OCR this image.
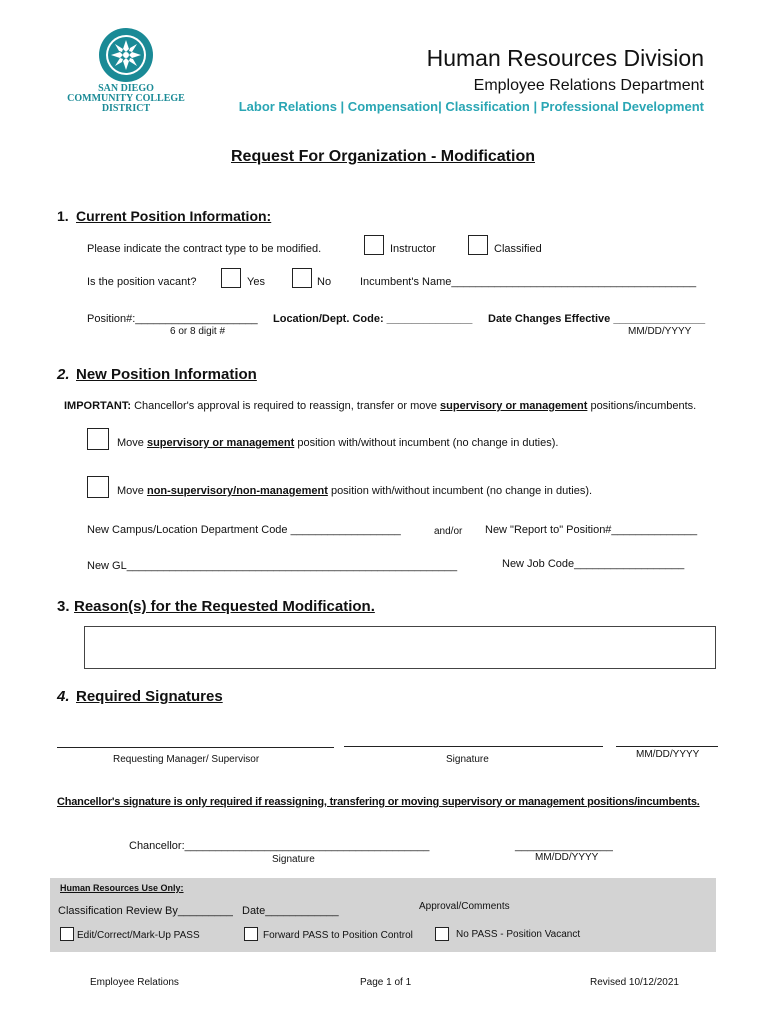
SAN DIEGO
COMMUNITY COLLEGE
DISTRICT
Human Resources Division
Employee Relations Department
Labor Relations | Compensation| Classification | Professional Development
Request For Organization - Modification
1. Current Position Information:
Please indicate the contract type to be modified.	Instructor	Classified
Is the position vacant?	Yes	No	Incumbent's Name________________________________________
Position#:____________________
6 or 8 digit #
Location/Dept. Code: ______________ Date Changes Effective _______________
MM/DD/YYYY
2. New Position Information
IMPORTANT: Chancellor's approval is required to reassign, transfer or move supervisory or management positions/incumbents.
Move supervisory or management position with/without incumbent (no change in duties).
Move non-supervisory/non-management position with/without incumbent (no change in duties).
New Campus/Location Department Code __________________	and/or New "Report to" Position#______________
New GL______________________________________________________	New Job Code__________________
3. Reason(s) for the Requested Modification.
4. Required Signatures
Requesting Manager/ Supervisor	Signature	MM/DD/YYYY
Chancellor's signature is only required if reassigning, transfering or moving supervisory or management positions/incumbents.
Chancellor:________________________________________	________________
Signature	MM/DD/YYYY
Human Resources Use Only:
Classification Review By_________ Date____________	Approval/Comments
Edit/Correct/Mark-Up PASS	Forward PASS to Position Control	No PASS - Position Vacanct
Employee Relations	Page 1 of 1	Revised 10/12/2021
